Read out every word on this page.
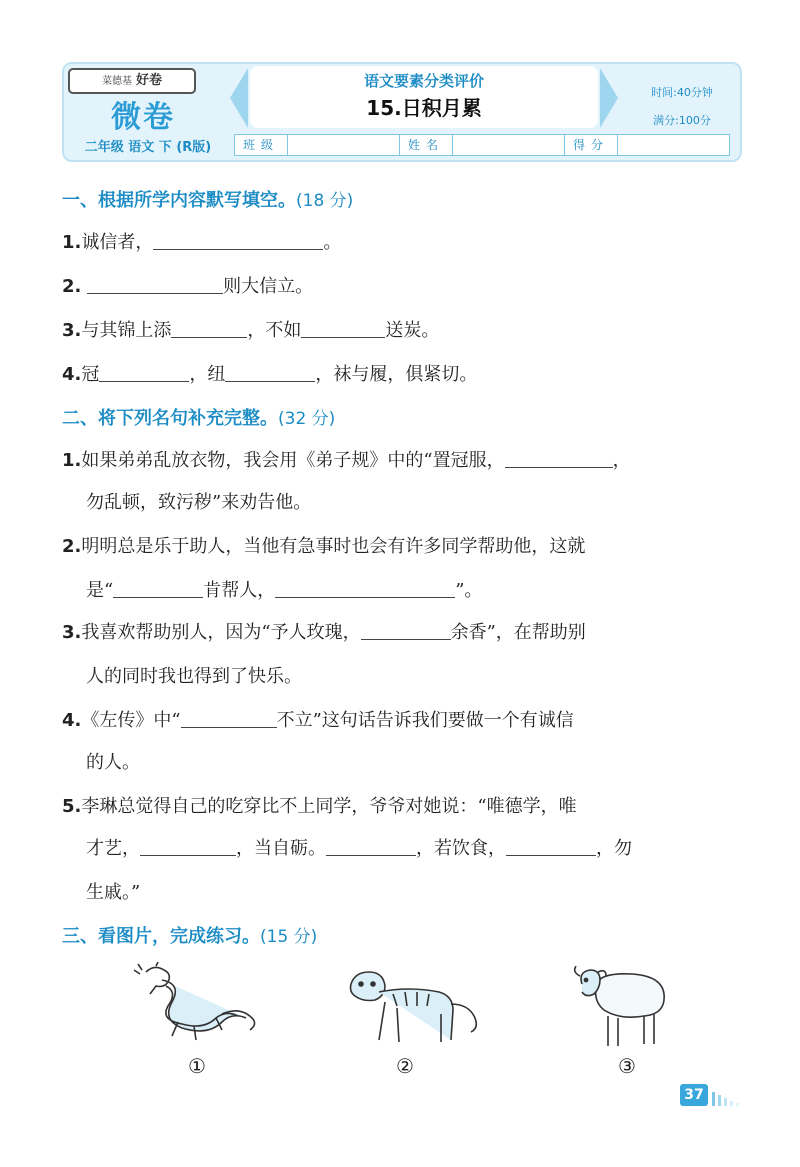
菜德基 好卷
微卷
二年级 语文 下 (R版)
语文要素分类评价
15.日积月累
时间:40分钟
满分:100分
班级	姓名	得分
一、根据所学内容默写填空。(18 分)
1.诚信者，	。
2.	则大信立。
3.与其锦上添	，不如	送炭。
4.冠	，纽	，袜与履，俱紧切。
二、将下列名句补充完整。(32 分)
1.如果弟弟乱放衣物，我会用《弟子规》中的“置冠服，	，
勿乱顿，致污秽”来劝告他。
2.明明总是乐于助人，当他有急事时也会有许多同学帮助他，这就
是“	肯帮人，	”。
3.我喜欢帮助别人，因为“予人玫瑰，	余香”，在帮助别
人的同时我也得到了快乐。
4.《左传》中“	不立”这句话告诉我们要做一个有诚信
的人。
5.李琳总觉得自己的吃穿比不上同学，爷爷对她说：“唯德学，唯
才艺，	，当自砺。	，若饮食，	，勿
生戚。”
三、看图片，完成练习。(15 分)
①	②	③
37
